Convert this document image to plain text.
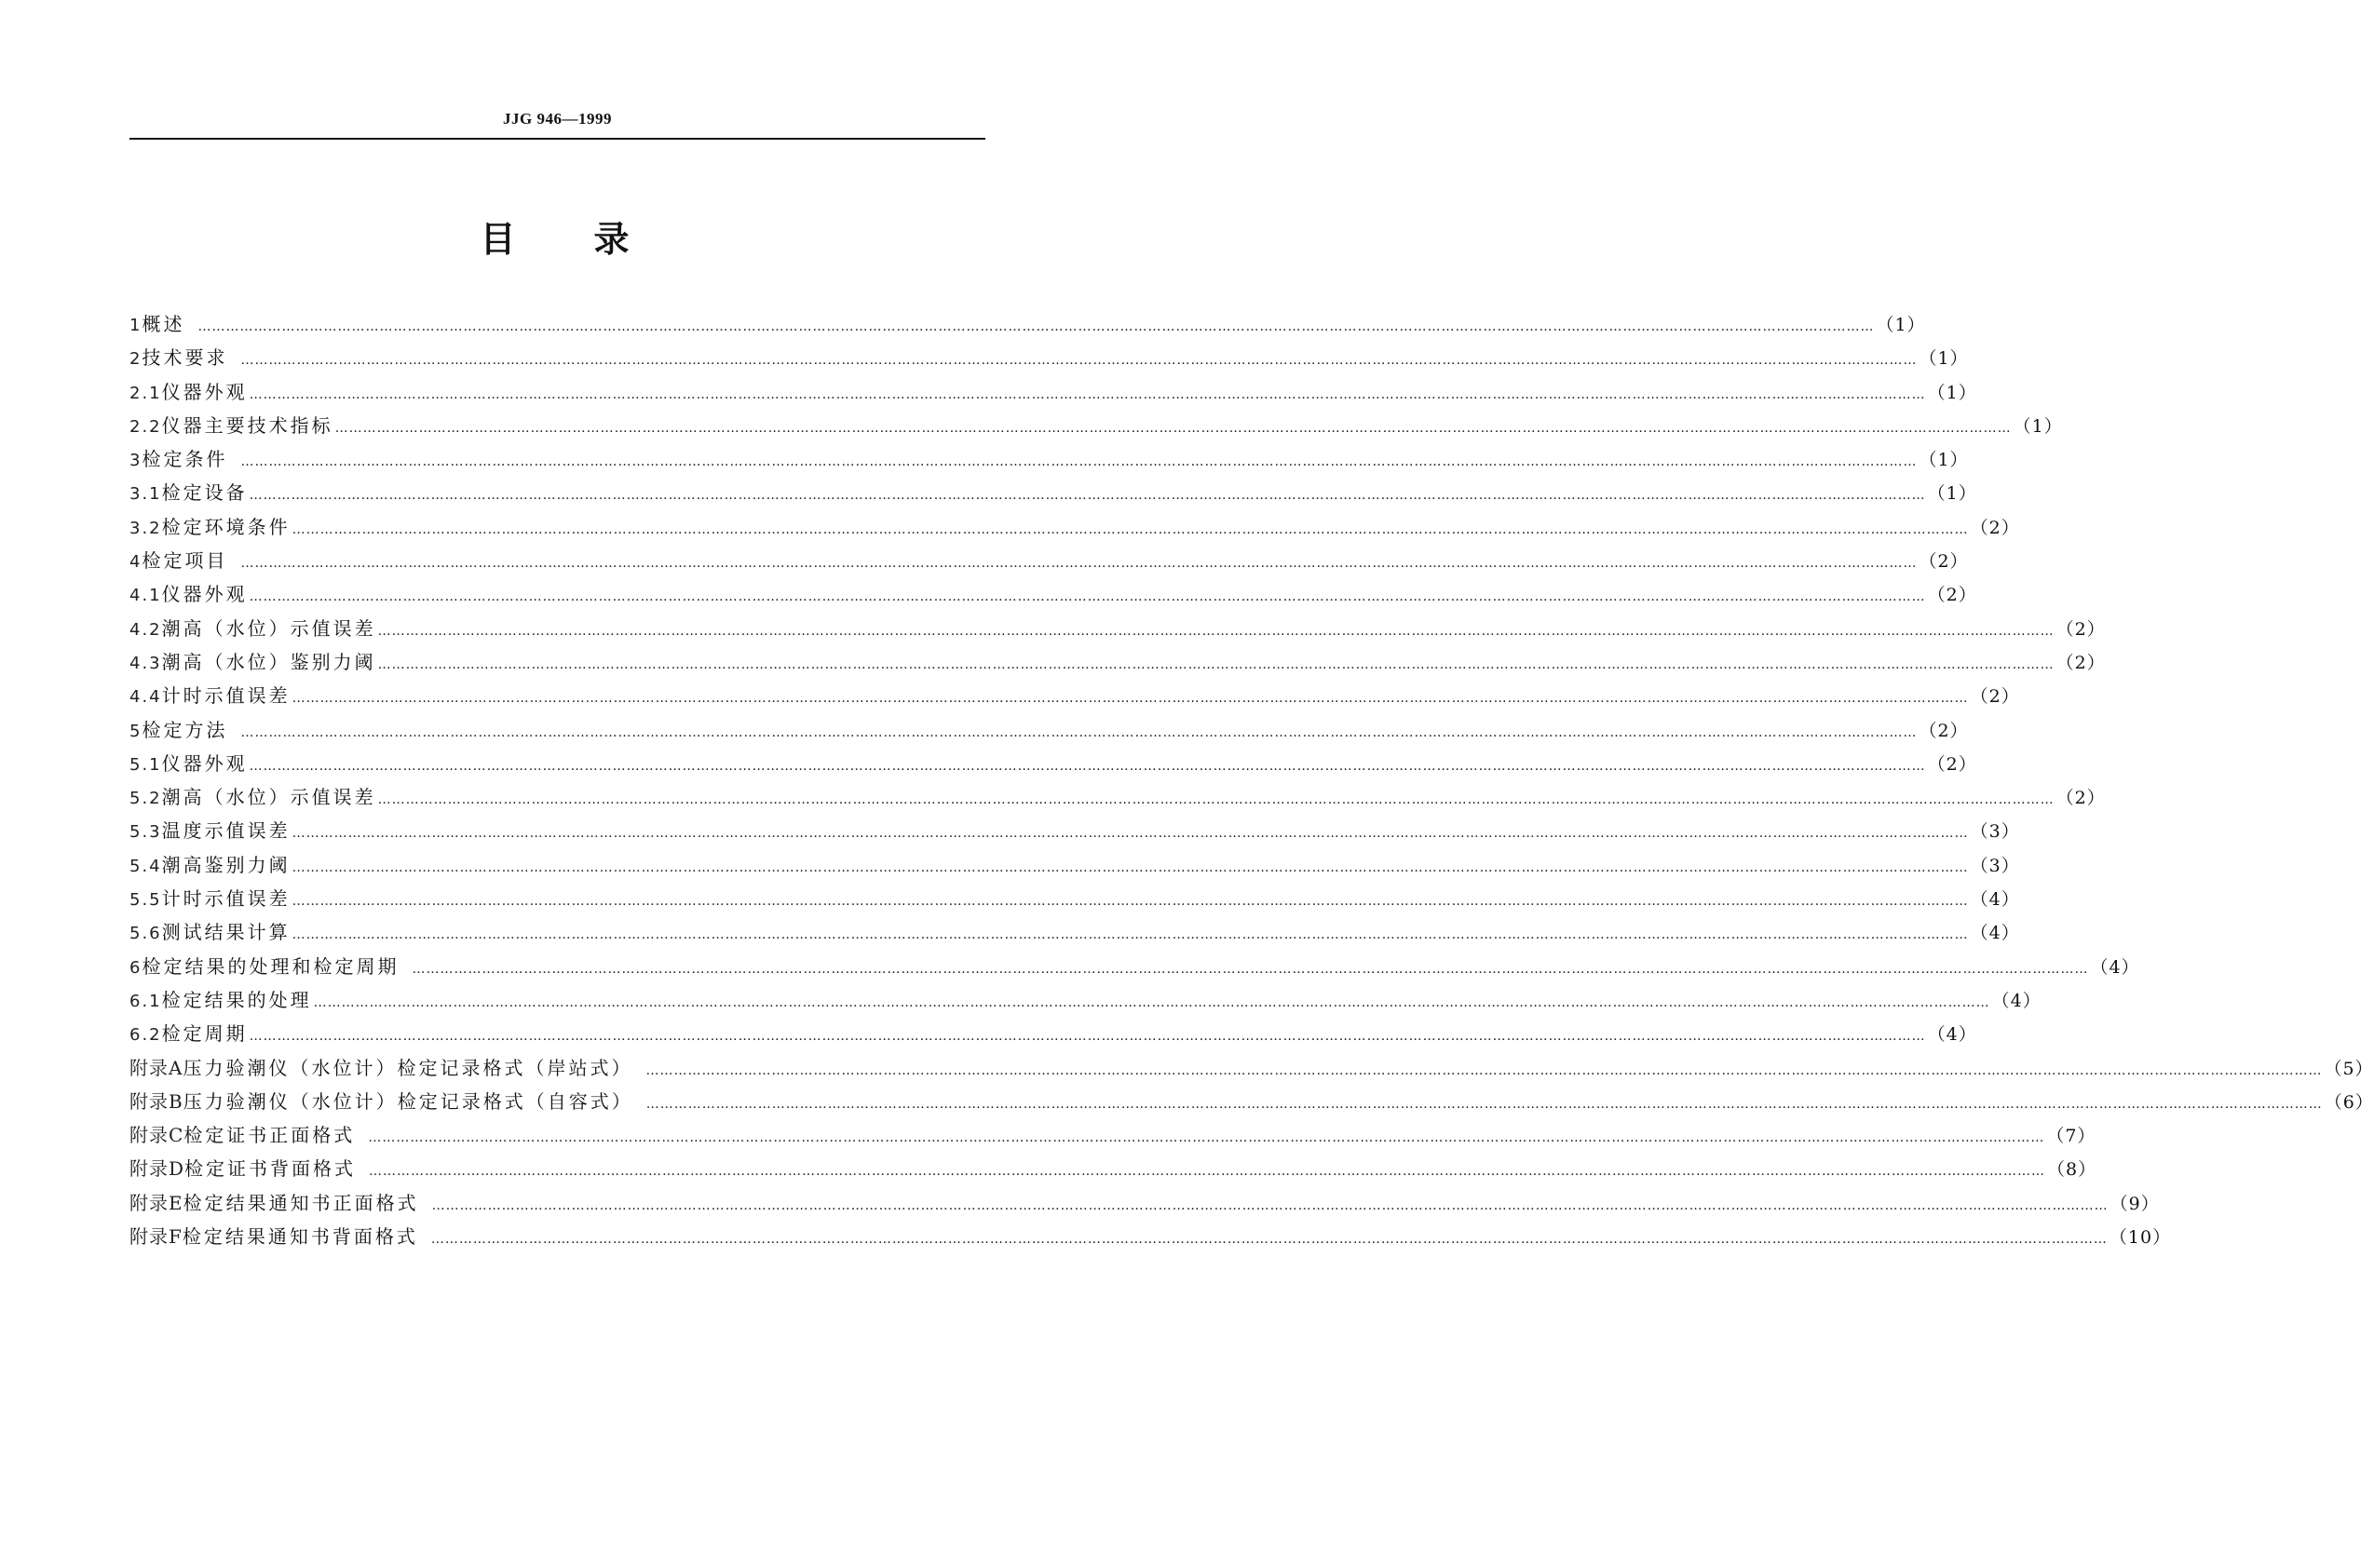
JJG 946—1999
目录
1 概述 ……………………………………………………………………………………………………………………………………………………………………………………………………………………………………………………………………………………………………………………………… （1）
2 技术要求 ……………………………………………………………………………………………………………………………………………………………………………………………………………………………………………………………………………………………………………………………… （1）
2.1 仪器外观 ……………………………………………………………………………………………………………………………………………………………………………………………………………………………………………………………………………………………………………………………… （1）
2.2 仪器主要技术指标 ……………………………………………………………………………………………………………………………………………………………………………………………………………………………………………………………………………………………………………………………… （1）
3 检定条件 ……………………………………………………………………………………………………………………………………………………………………………………………………………………………………………………………………………………………………………………………… （1）
3.1 检定设备 ……………………………………………………………………………………………………………………………………………………………………………………………………………………………………………………………………………………………………………………………… （1）
3.2 检定环境条件 ……………………………………………………………………………………………………………………………………………………………………………………………………………………………………………………………………………………………………………………………… （2）
4 检定项目 ……………………………………………………………………………………………………………………………………………………………………………………………………………………………………………………………………………………………………………………………… （2）
4.1 仪器外观 ……………………………………………………………………………………………………………………………………………………………………………………………………………………………………………………………………………………………………………………………… （2）
4.2 潮高（水位）示值误差 ……………………………………………………………………………………………………………………………………………………………………………………………………………………………………………………………………………………………………………………………… （2）
4.3 潮高（水位）鉴别力阈 ……………………………………………………………………………………………………………………………………………………………………………………………………………………………………………………………………………………………………………………………… （2）
4.4 计时示值误差 ……………………………………………………………………………………………………………………………………………………………………………………………………………………………………………………………………………………………………………………………… （2）
5 检定方法 ……………………………………………………………………………………………………………………………………………………………………………………………………………………………………………………………………………………………………………………………… （2）
5.1 仪器外观 ……………………………………………………………………………………………………………………………………………………………………………………………………………………………………………………………………………………………………………………………… （2）
5.2 潮高（水位）示值误差 ……………………………………………………………………………………………………………………………………………………………………………………………………………………………………………………………………………………………………………………………… （2）
5.3 温度示值误差 ……………………………………………………………………………………………………………………………………………………………………………………………………………………………………………………………………………………………………………………………… （3）
5.4 潮高鉴别力阈 ……………………………………………………………………………………………………………………………………………………………………………………………………………………………………………………………………………………………………………………………… （3）
5.5 计时示值误差 ……………………………………………………………………………………………………………………………………………………………………………………………………………………………………………………………………………………………………………………………… （4）
5.6 测试结果计算 ……………………………………………………………………………………………………………………………………………………………………………………………………………………………………………………………………………………………………………………………… （4）
6 检定结果的处理和检定周期 ……………………………………………………………………………………………………………………………………………………………………………………………………………………………………………………………………………………………………………………………… （4）
6.1 检定结果的处理 ……………………………………………………………………………………………………………………………………………………………………………………………………………………………………………………………………………………………………………………………… （4）
6.2 检定周期 ……………………………………………………………………………………………………………………………………………………………………………………………………………………………………………………………………………………………………………………………… （4）
附录A 压力验潮仪（水位计）检定记录格式（岸站式） ……………………………………………………………………………………………………………………………………………………………………………………………………………………………………………………………………………………………………………………………… （5）
附录B 压力验潮仪（水位计）检定记录格式（自容式） ……………………………………………………………………………………………………………………………………………………………………………………………………………………………………………………………………………………………………………………………… （6）
附录C 检定证书正面格式 ……………………………………………………………………………………………………………………………………………………………………………………………………………………………………………………………………………………………………………………………… （7）
附录D 检定证书背面格式 ……………………………………………………………………………………………………………………………………………………………………………………………………………………………………………………………………………………………………………………………… （8）
附录E 检定结果通知书正面格式 ……………………………………………………………………………………………………………………………………………………………………………………………………………………………………………………………………………………………………………………………… （9）
附录F 检定结果通知书背面格式 ……………………………………………………………………………………………………………………………………………………………………………………………………………………………………………………………………………………………………………………………… （10）
